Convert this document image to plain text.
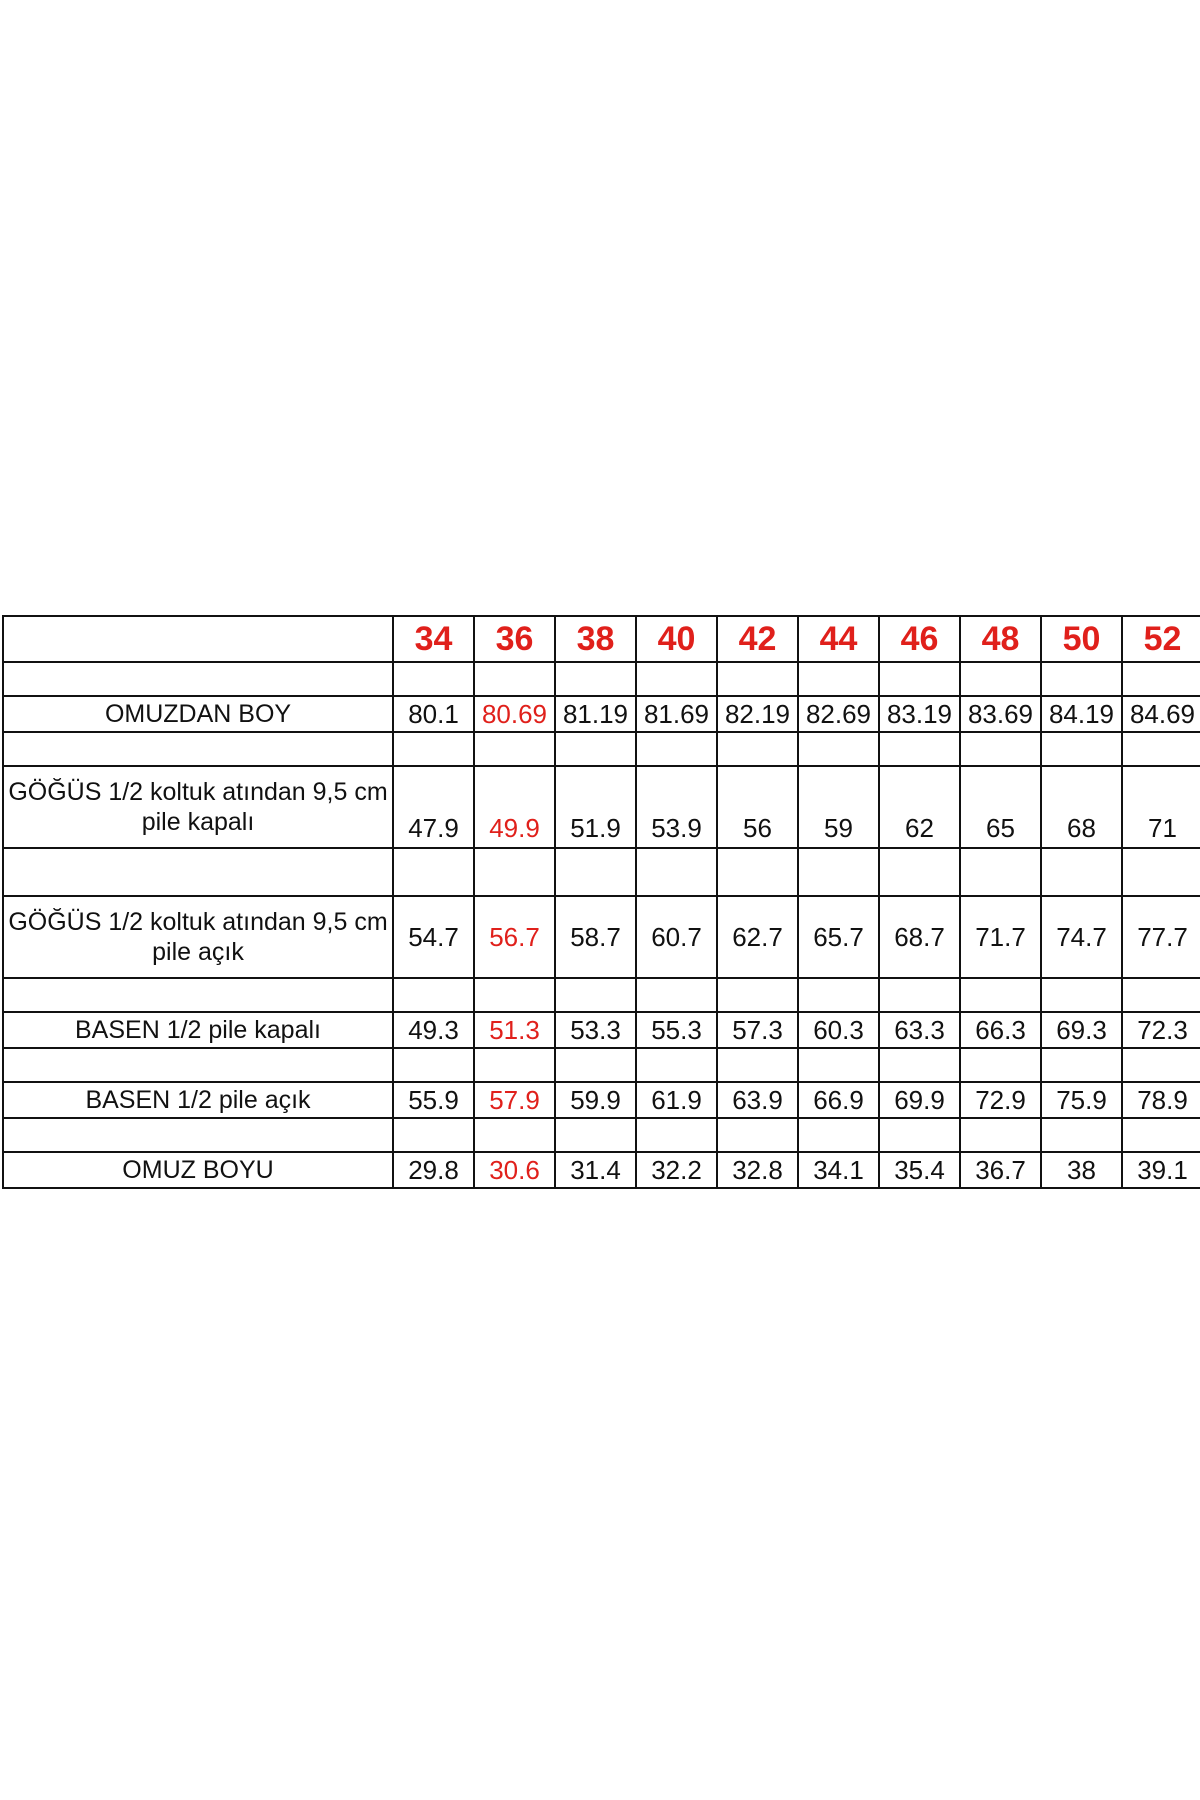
	34	36	38	40	42	44	46	48	50	52	

OMUZDAN BOY	80.1	80.69	81.19	81.69	82.19	82.69	83.19	83.69	84.19	84.69	

GÖĞÜS 1/2 koltuk atından 9,5 cm pile kapalı	47.9	49.9	51.9	53.9	56	59	62	65	68	71	

GÖĞÜS 1/2 koltuk atından 9,5 cm pile açık	54.7	56.7	58.7	60.7	62.7	65.7	68.7	71.7	74.7	77.7	

BASEN 1/2 pile kapalı	49.3	51.3	53.3	55.3	57.3	60.3	63.3	66.3	69.3	72.3	

BASEN 1/2 pile açık	55.9	57.9	59.9	61.9	63.9	66.9	69.9	72.9	75.9	78.9	

OMUZ BOYU	29.8	30.6	31.4	32.2	32.8	34.1	35.4	36.7	38	39.1	
